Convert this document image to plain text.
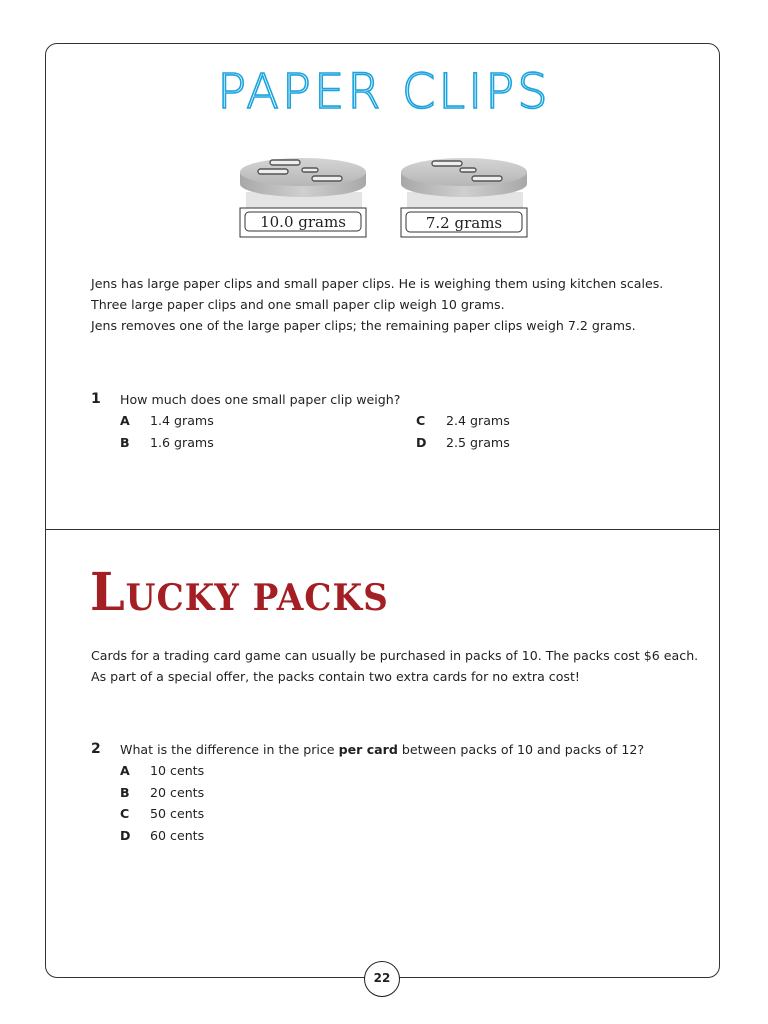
PAPER CLIPS
10.0 grams	7.2 grams
Jens has large paper clips and small paper clips. He is weighing them using kitchen scales.
Three large paper clips and one small paper clip weigh 10 grams.
Jens removes one of the large paper clips; the remaining paper clips weigh 7.2 grams.
1 How much does one small paper clip weigh?
A 1.4 grams
B 1.6 grams
C 2.4 grams
D 2.5 grams
LUCKY PACKS
Cards for a trading card game can usually be purchased in packs of 10. The packs cost $6 each.
As part of a special offer, the packs contain two extra cards for no extra cost!
2 What is the difference in the price per card between packs of 10 and packs of 12?
A 10 cents
B 20 cents
C 50 cents
D 60 cents
22
